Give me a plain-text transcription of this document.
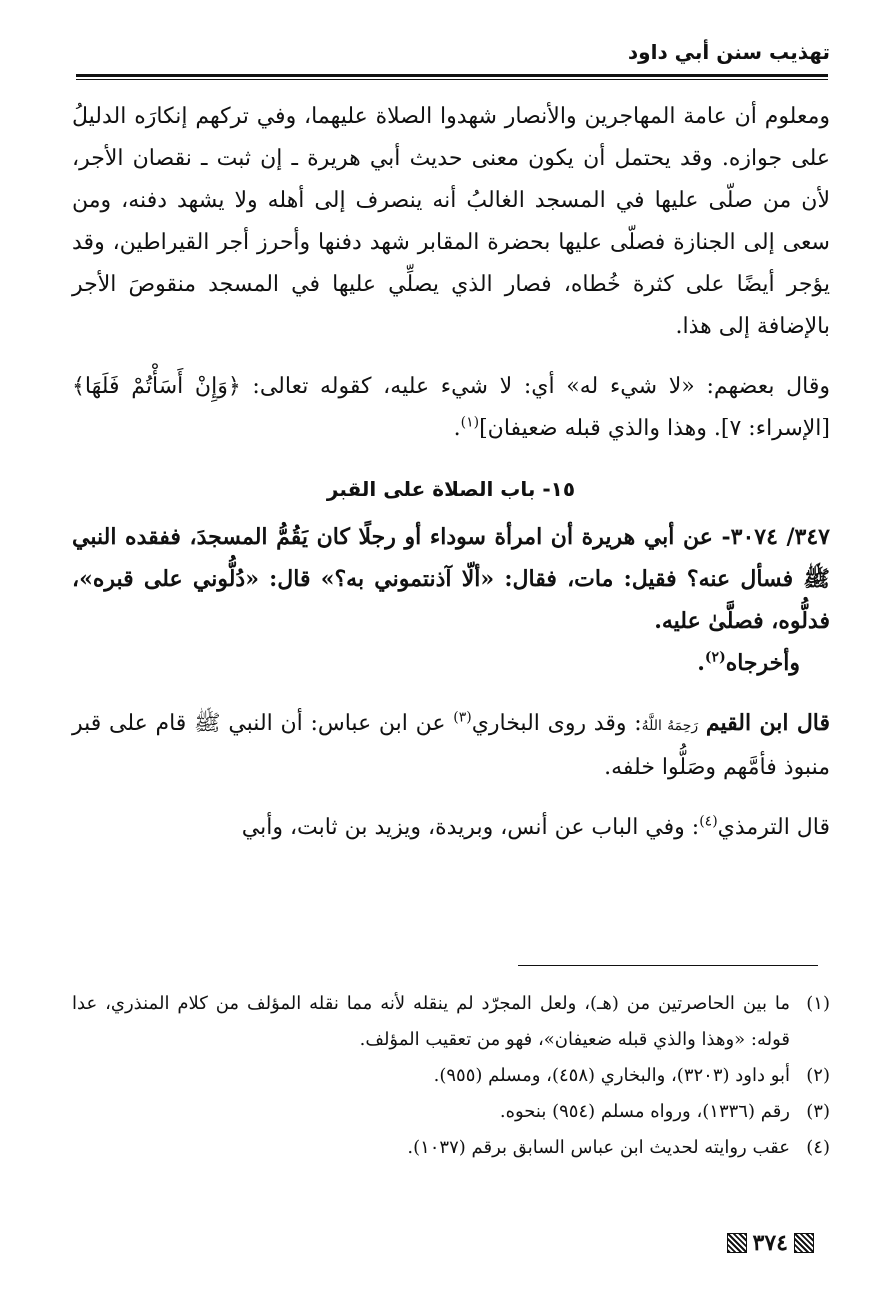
تهذيب سنن أبي داود

ومعلوم أن عامة المهاجرين والأنصار شهدوا الصلاة عليهما، وفي تركهم إنكارَه الدليلُ على جوازه. وقد يحتمل أن يكون معنى حديث أبي هريرة ـ إن ثبت ـ نقصان الأجر، لأن من صلّى عليها في المسجد الغالبُ أنه ينصرف إلى أهله ولا يشهد دفنه، ومن سعى إلى الجنازة فصلّى عليها بحضرة المقابر شهد دفنها وأحرز أجر القيراطين، وقد يؤجر أيضًا على كثرة خُطاه، فصار الذي يصلِّي عليها في المسجد منقوصَ الأجر بالإضافة إلى هذا.

وقال بعضهم: «لا شيء له» أي: لا شيء عليه، كقوله تعالى: ﴿وَإِنْ أَسَأْتُمْ فَلَهَا﴾ [الإسراء: ٧]. وهذا والذي قبله ضعيفان]$^{(١)}$.

١٥- باب الصلاة على القبر

٣٤٧/ ٣٠٧٤- عن أبي هريرة أن امرأة سوداء أو رجلًا كان يَقُمُّ المسجدَ، ففقده النبي ﷺ فسأل عنه؟ فقيل: مات، فقال: «ألّا آذنتموني به؟» قال: «دُلُّوني على قبره»، فدلُّوه، فصلَّىٰ عليه.

وأخرجاه$^{(٢)}$.

قال ابن القيم رَحِمَهُ اللَّهُ: وقد روى البخاري$^{(٣)}$ عن ابن عباس: أن النبي ﷺ قام على قبر منبوذ فأمَّهم وصَلُّوا خلفه.

قال الترمذي$^{(٤)}$: وفي الباب عن أنس، وبريدة، ويزيد بن ثابت، وأبي

(١)
ما بين الحاصرتين من (هـ)، ولعل المجرّد لم ينقله لأنه مما نقله المؤلف من كلام المنذري، عدا قوله: «وهذا والذي قبله ضعيفان»، فهو من تعقيب المؤلف.
(٢)
أبو داود (٣٢٠٣)، والبخاري (٤٥٨)، ومسلم (٩٥٥).
(٣)
رقم (١٣٣٦)، ورواه مسلم (٩٥٤) بنحوه.
(٤)
عقب روايته لحديث ابن عباس السابق برقم (١٠٣٧).
٣٧٤
